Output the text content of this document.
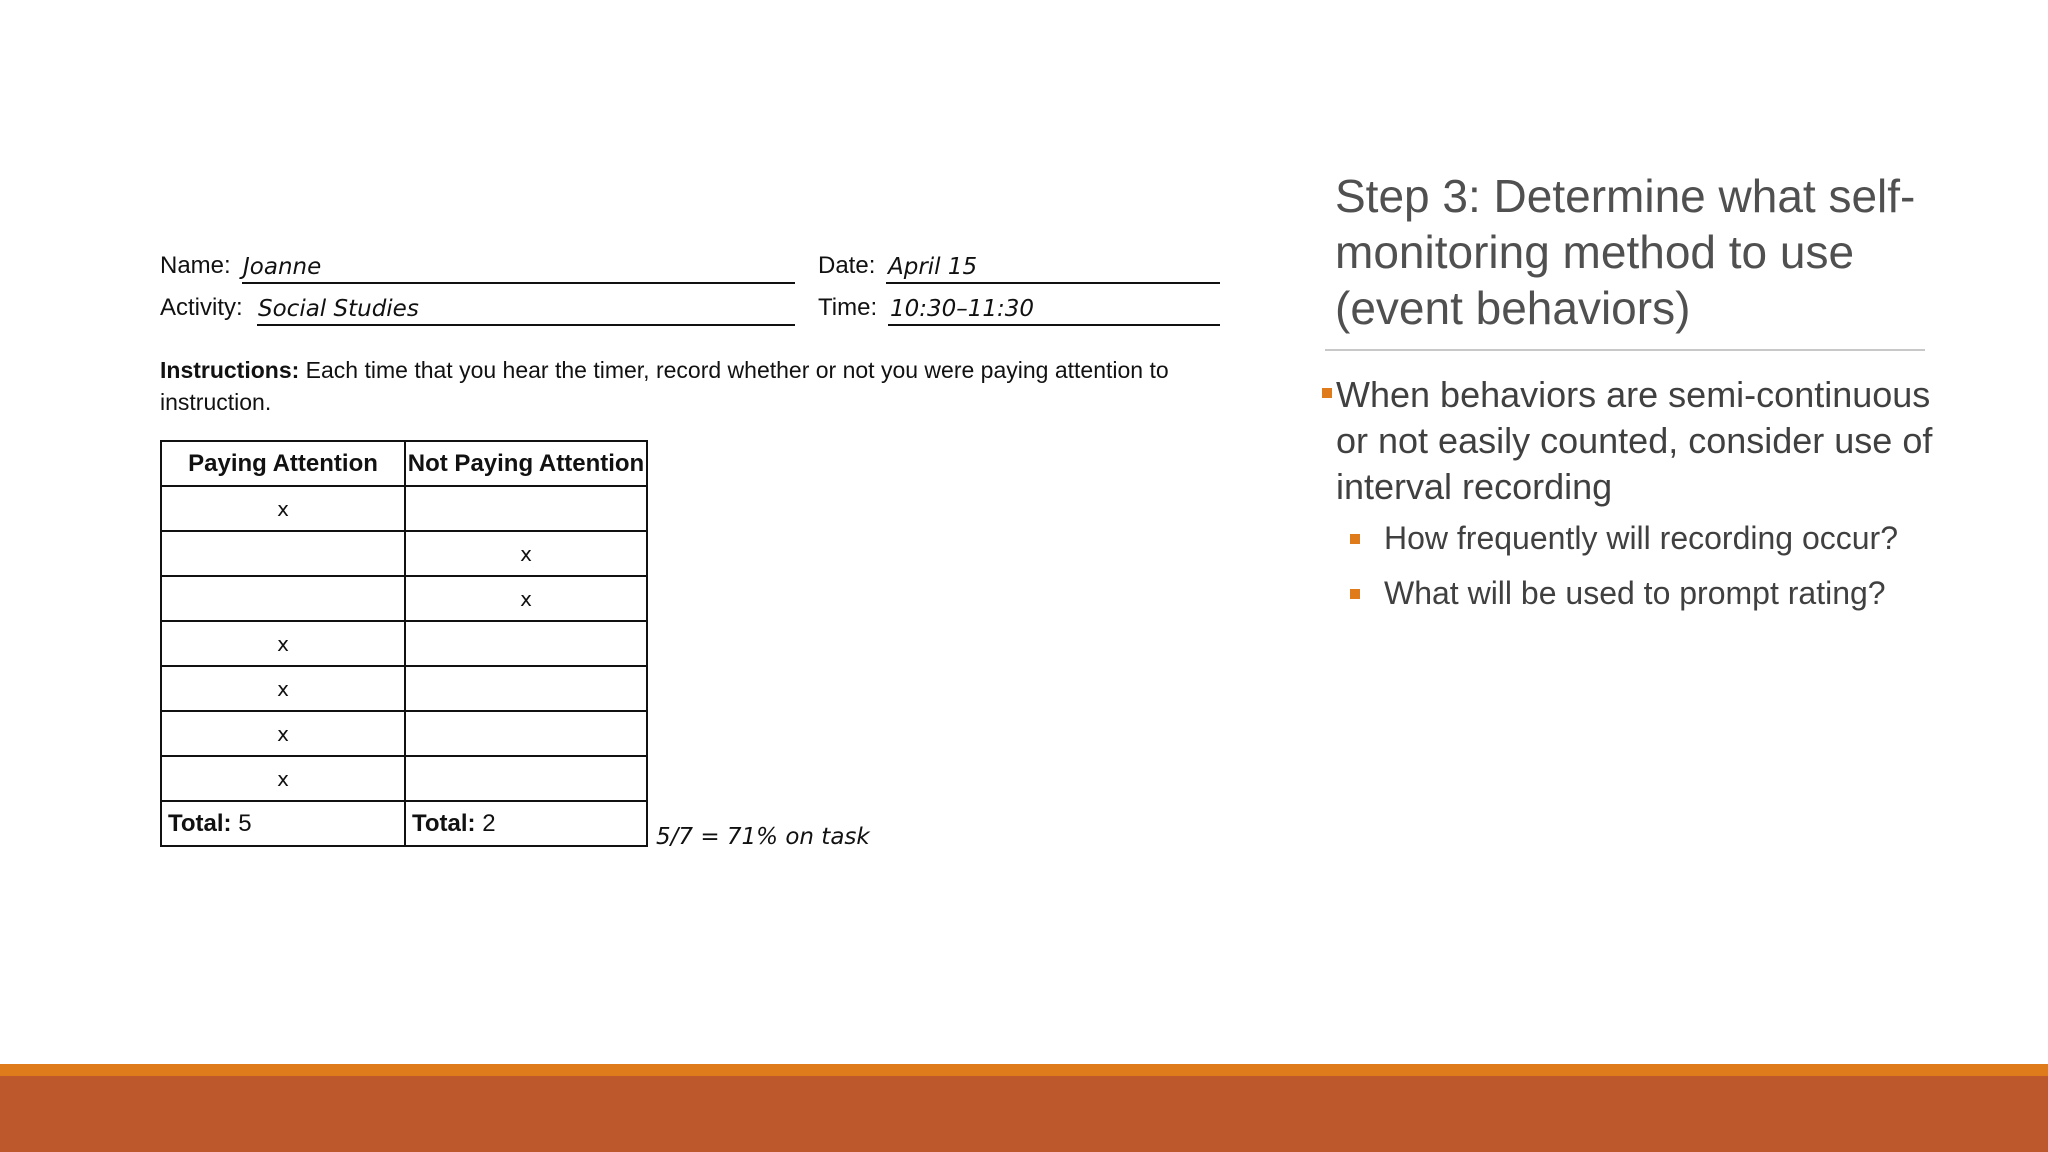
Name: Joanne	Date: April 15
Activity: Social Studies	Time: 10:30–11:30
Instructions: Each time that you hear the timer, record whether or not you were paying attention to instruction.
Paying Attention	Not Paying Attention
x	
	x
	x
x	
x	
x	
x	
Total: 5	Total: 2
5/7 = 71% on task
Step 3: Determine what self-monitoring method to use (event behaviors)
When behaviors are semi-continuous or not easily counted, consider use of interval recording
How frequently will recording occur?
What will be used to prompt rating?
